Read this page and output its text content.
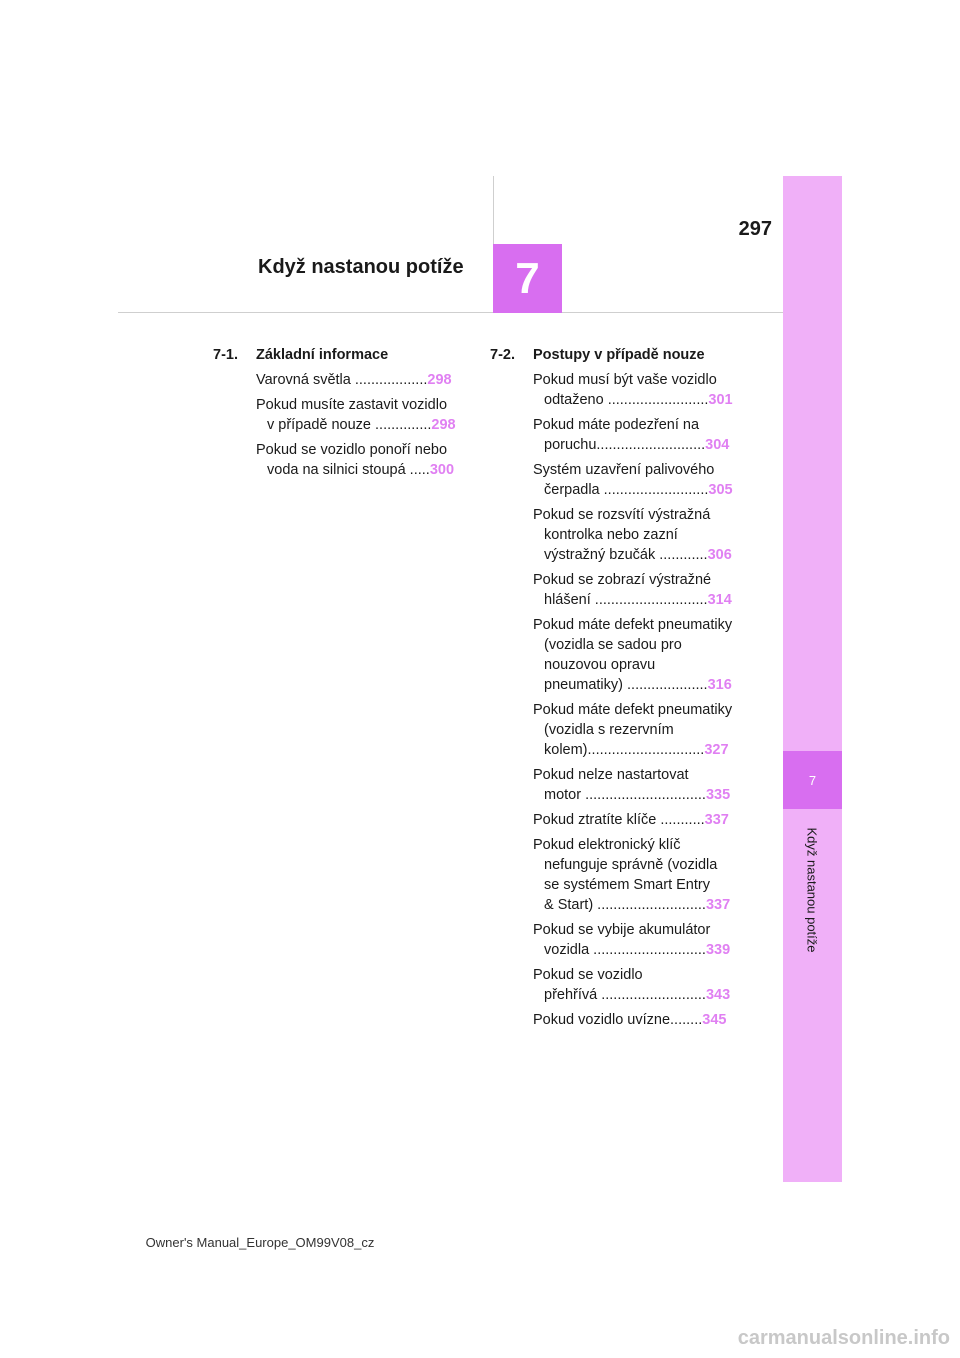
7
Když nastanou potíže
297
Když nastanou potíže 7
7-1.	Základní informace
Varovná světla ..................298
Pokud musíte zastavit vozidlo
v případě nouze ..............298
Pokud se vozidlo ponoří nebo
voda na silnici stoupá .....300
7-2.	Postupy v případě nouze
Pokud musí být vaše vozidlo
odtaženo .........................301
Pokud máte podezření na
poruchu...........................304
Systém uzavření palivového
čerpadla ..........................305
Pokud se rozsvítí výstražná
kontrolka nebo zazní
výstražný bzučák ............306
Pokud se zobrazí výstražné
hlášení ............................314
Pokud máte defekt pneumatiky
(vozidla se sadou pro
nouzovou opravu
pneumatiky) ....................316
Pokud máte defekt pneumatiky
(vozidla s rezervním
kolem).............................327
Pokud nelze nastartovat
motor ..............................335
Pokud ztratíte klíče ...........337
Pokud elektronický klíč
nefunguje správně (vozidla
se systémem Smart Entry
& Start) ...........................337
Pokud se vybije akumulátor
vozidla ............................339
Pokud se vozidlo
přehřívá ..........................343
Pokud vozidlo uvízne........345
Owner's Manual_Europe_OM99V08_cz
carmanualsonline.info
